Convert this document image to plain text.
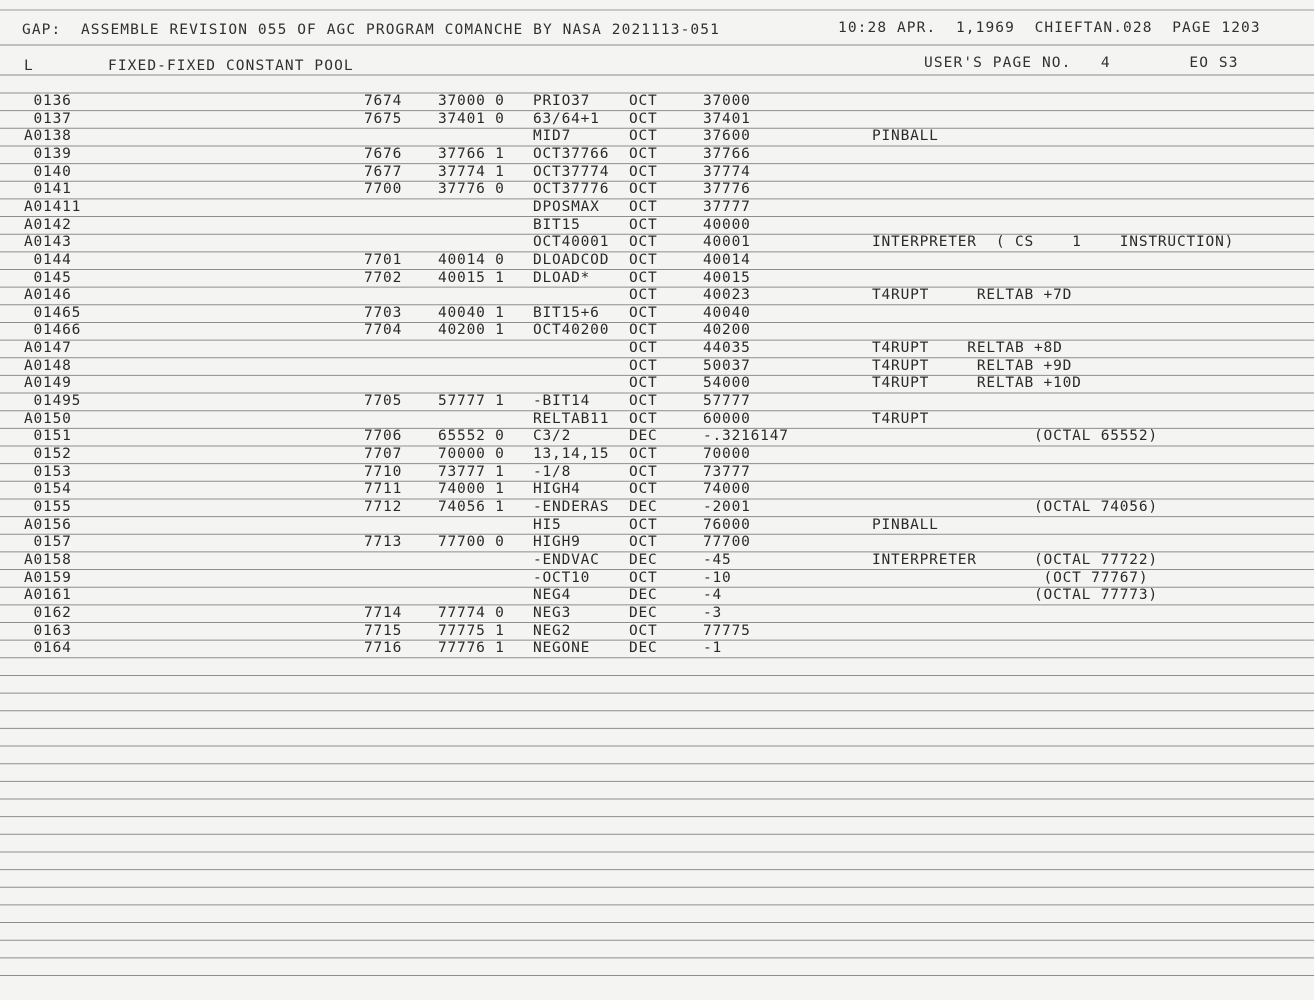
GAP:  ASSEMBLE REVISION 055 OF AGC PROGRAM COMANCHE BY NASA 2021113-051	10:28 APR.  1,1969  CHIEFTAN.028  PAGE 1203
L	FIXED-FIXED CONSTANT POOL	USER'S PAGE NO.   4        EO S3
0136	7674 37000 0 PRIO37	OCT	37000
0137	7675 37401 0 63/64+1 OCT	37401
A0138	MID7	OCT	37600	PINBALL
0139	7676 37766 1 OCT37766 OCT	37766
0140	7677 37774 1 OCT37774 OCT	37774
0141	7700 37776 0 OCT37776 OCT	37776
A01411	DPOSMAX OCT	37777
A0142	BIT15	OCT	40000
A0143	OCT40001 OCT	40001	INTERPRETER  ( CS    1    INSTRUCTION)
0144	7701 40014 0 DLOADCOD OCT	40014
0145	7702 40015 1 DLOAD*	OCT	40015
A0146	OCT	40023	T4RUPT     RELTAB +7D
01465	7703 40040 1 BIT15+6 OCT	40040
01466	7704 40200 1 OCT40200 OCT	40200
A0147	OCT	44035	T4RUPT    RELTAB +8D
A0148	OCT	50037	T4RUPT     RELTAB +9D
A0149	OCT	54000	T4RUPT     RELTAB +10D
01495	7705 57777 1 -BIT14	OCT	57777
A0150	RELTAB11 OCT	60000	T4RUPT
0151	7706 65552 0 C3/2	DEC	-.3216147	(OCTAL 65552)
0152	7707 70000 0 13,14,15 OCT	70000
0153	7710 73777 1 -1/8	OCT	73777
0154	7711 74000 1 HIGH4	OCT	74000
0155	7712 74056 1 -ENDERAS DEC	-2001	(OCTAL 74056)
A0156	HI5	OCT	76000	PINBALL
0157	7713 77700 0 HIGH9	OCT	77700
A0158	-ENDVAC DEC	-45	INTERPRETER      (OCTAL 77722)
A0159	-OCT10	OCT	-10	(OCT 77767)
A0161	NEG4	DEC	-4	(OCTAL 77773)
0162	7714 77774 0 NEG3	DEC	-3
0163	7715 77775 1 NEG2	OCT	77775
0164	7716 77776 1 NEGONE	DEC	-1
